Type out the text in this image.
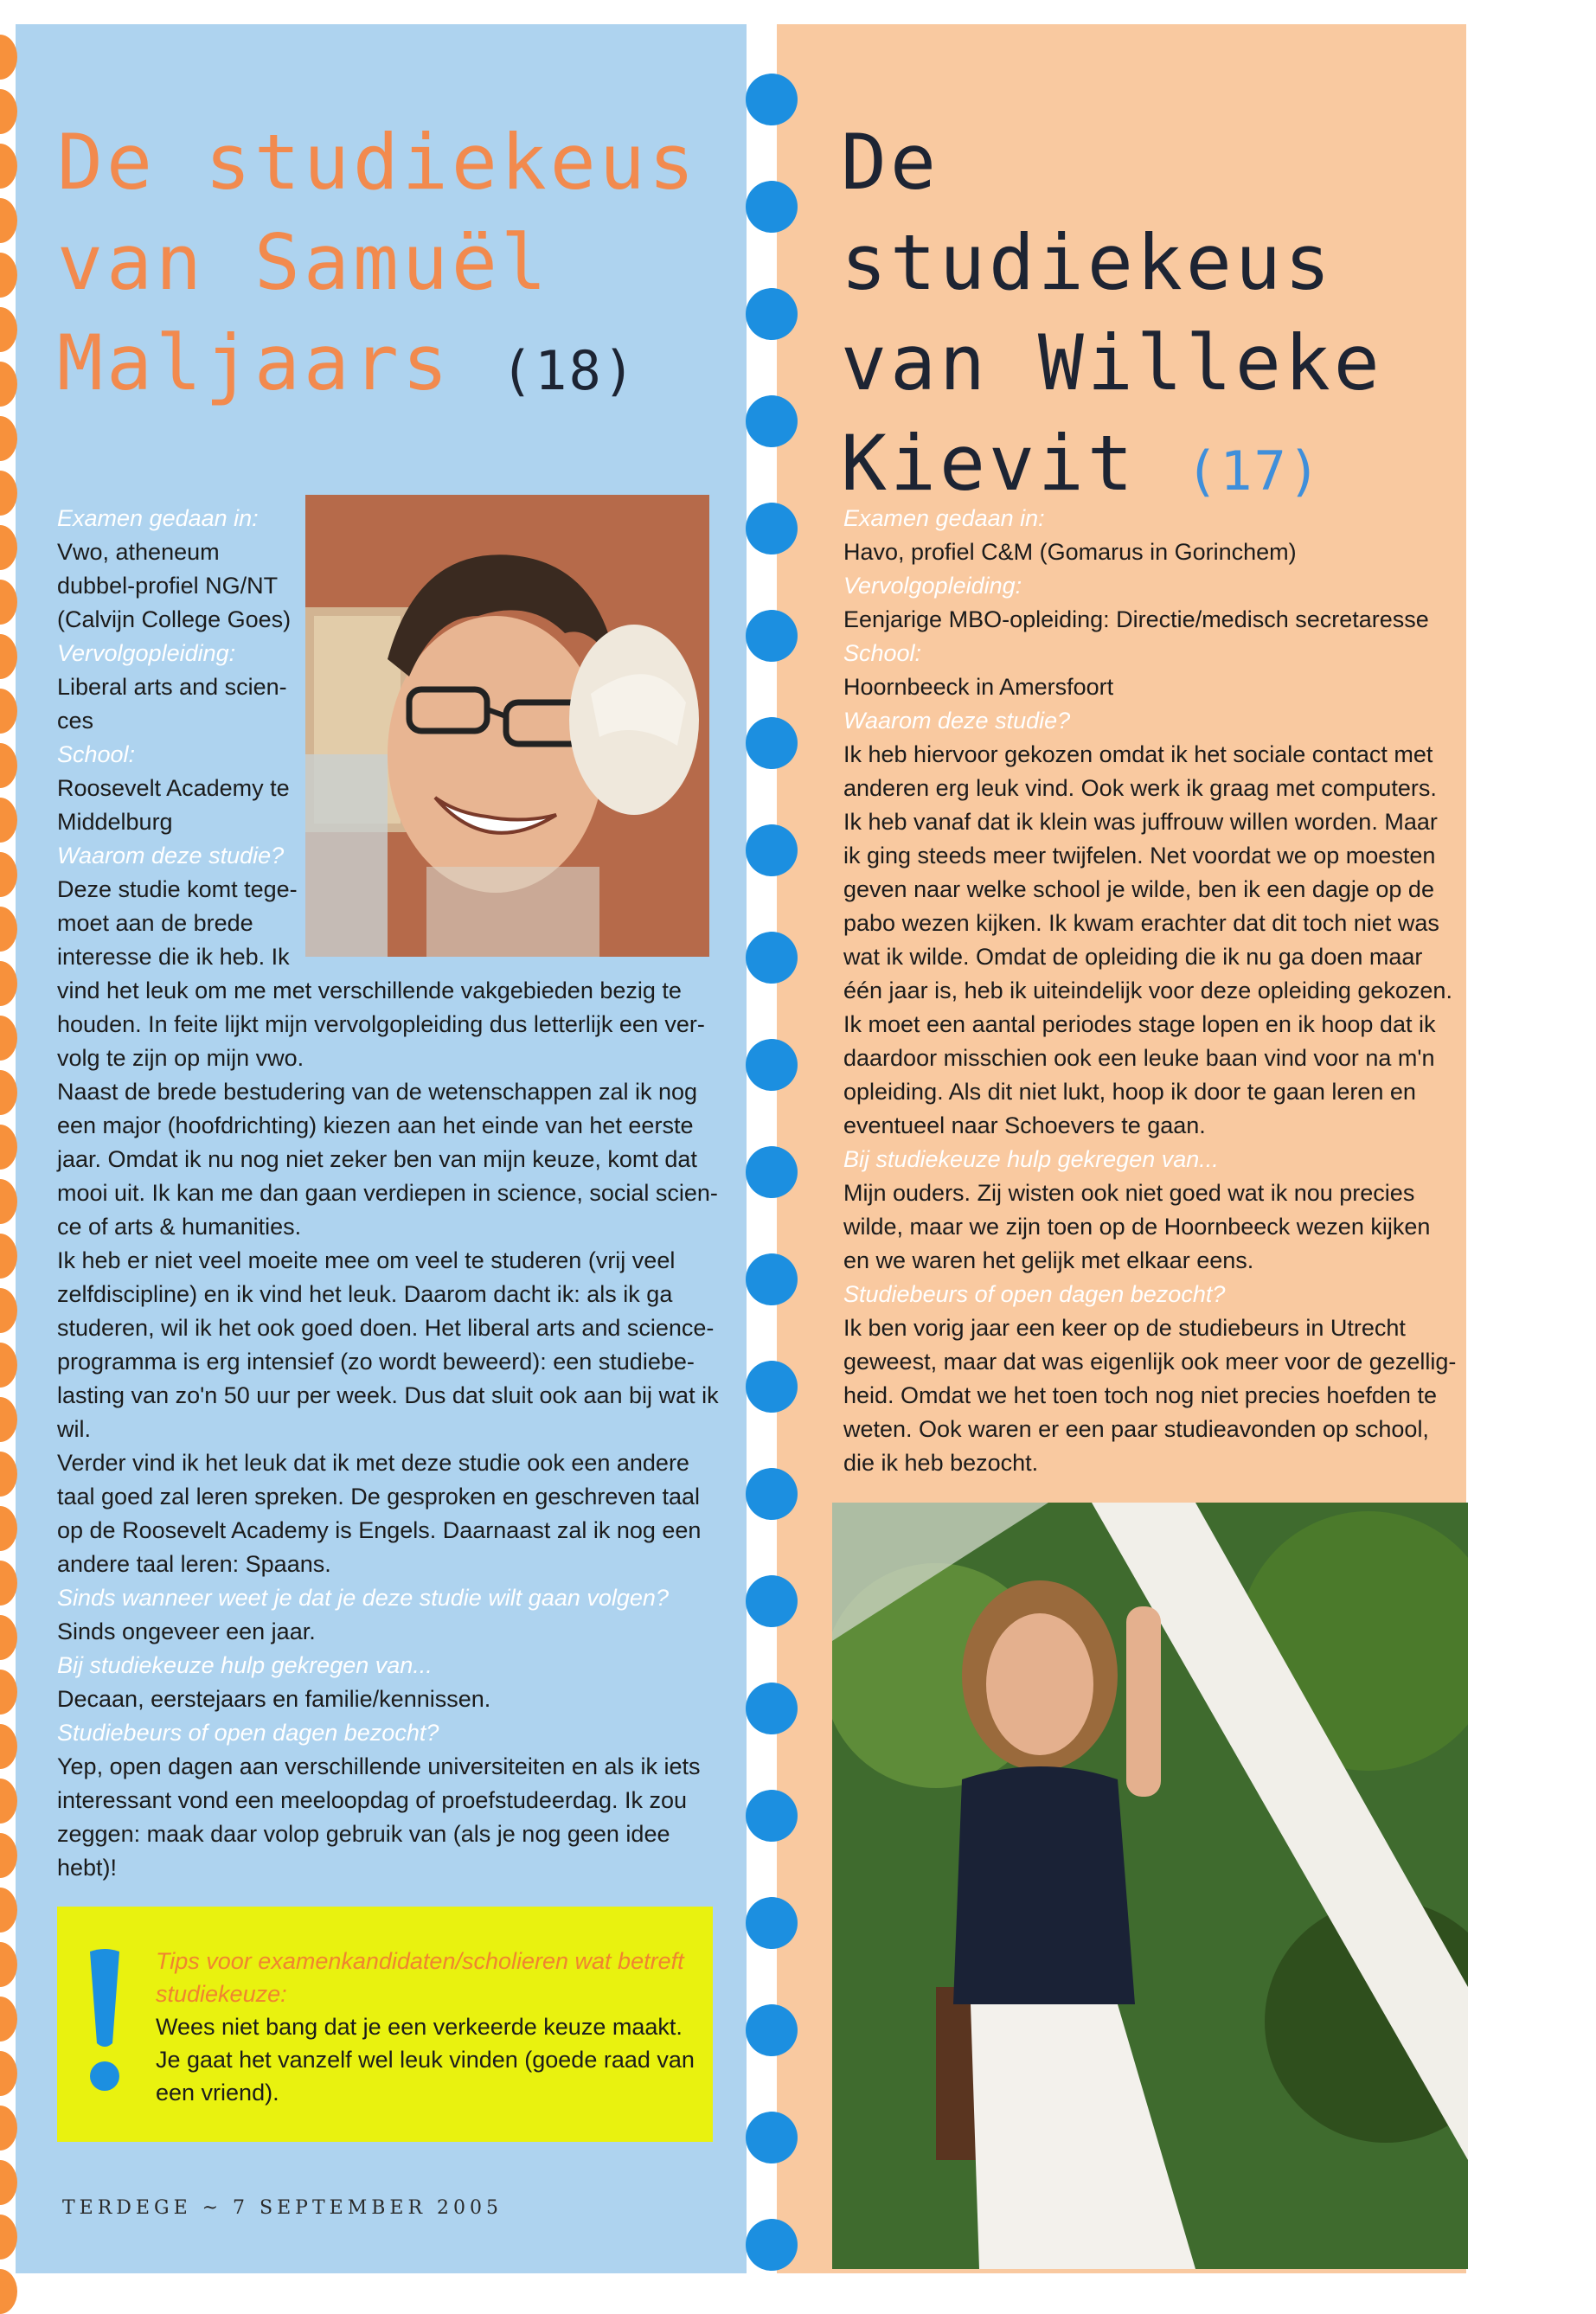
De studiekeus
van Samuël
Maljaars (18)
De studiekeus
van Willeke
Kievit (17)

Examen gedaan in:

Vwo, atheneum dubbel-profiel NG/NT (Calvijn College Goes)

Vervolgopleiding:

Liberal arts and scien-ces

School:

Roosevelt Academy te Middelburg

Waarom deze studie?

Deze studie komt tege-moet aan de brede interesse die ik heb. Ik

vind het leuk om me met verschillende vakgebieden bezig te houden. In feite lijkt mijn vervolgopleiding dus letterlijk een ver-volg te zijn op mijn vwo.

Naast de brede bestudering van de wetenschappen zal ik nog een major (hoofdrichting) kiezen aan het einde van het eerste jaar. Omdat ik nu nog niet zeker ben van mijn keuze, komt dat mooi uit. Ik kan me dan gaan verdiepen in science, social scien-ce of arts & humanities.

Ik heb er niet veel moeite mee om veel te studeren (vrij veel zelfdiscipline) en ik vind het leuk. Daarom dacht ik: als ik ga studeren, wil ik het ook goed doen. Het liberal arts and science-programma is erg intensief (zo wordt beweerd): een studiebe-lasting van zo'n 50 uur per week. Dus dat sluit ook aan bij wat ik wil.

Verder vind ik het leuk dat ik met deze studie ook een andere taal goed zal leren spreken. De gesproken en geschreven taal op de Roosevelt Academy is Engels. Daarnaast zal ik nog een andere taal leren: Spaans.

Sinds wanneer weet je dat je deze studie wilt gaan volgen?

Sinds ongeveer een jaar.

Bij studiekeuze hulp gekregen van...

Decaan, eerstejaars en familie/kennissen.

Studiebeurs of open dagen bezocht?

Yep, open dagen aan verschillende universiteiten en als ik iets interessant vond een meeloopdag of proefstudeerdag. Ik zou zeggen: maak daar volop gebruik van (als je nog geen idee hebt)!

Tips voor examenkandidaten/scholieren wat betreft studiekeuze:

Wees niet bang dat je een verkeerde keuze maakt. Je gaat het vanzelf wel leuk vinden (goede raad van een vriend).

Examen gedaan in:

Havo, profiel C&M (Gomarus in Gorinchem)

Vervolgopleiding:

Eenjarige MBO-opleiding: Directie/medisch secretaresse

School:

Hoornbeeck in Amersfoort

Waarom deze studie?

Ik heb hiervoor gekozen omdat ik het sociale contact met anderen erg leuk vind. Ook werk ik graag met computers. Ik heb vanaf dat ik klein was juffrouw willen worden. Maar ik ging steeds meer twijfelen. Net voordat we op moesten geven naar welke school je wilde, ben ik een dagje op de pabo wezen kijken. Ik kwam erachter dat dit toch niet was wat ik wilde. Omdat de opleiding die ik nu ga doen maar één jaar is, heb ik uiteindelijk voor deze opleiding gekozen. Ik moet een aantal periodes stage lopen en ik hoop dat ik daardoor misschien ook een leuke baan vind voor na m'n opleiding. Als dit niet lukt, hoop ik door te gaan leren en eventueel naar Schoevers te gaan.

Bij studiekeuze hulp gekregen van...

Mijn ouders. Zij wisten ook niet goed wat ik nou precies wilde, maar we zijn toen op de Hoornbeeck wezen kijken en we waren het gelijk met elkaar eens.

Studiebeurs of open dagen bezocht?

Ik ben vorig jaar een keer op de studiebeurs in Utrecht geweest, maar dat was eigenlijk ook meer voor de gezellig-heid. Omdat we het toen toch nog niet precies hoefden te weten. Ook waren er een paar studieavonden op school, die ik heb bezocht.

TERDEGE ~ 7 SEPTEMBER 2005
